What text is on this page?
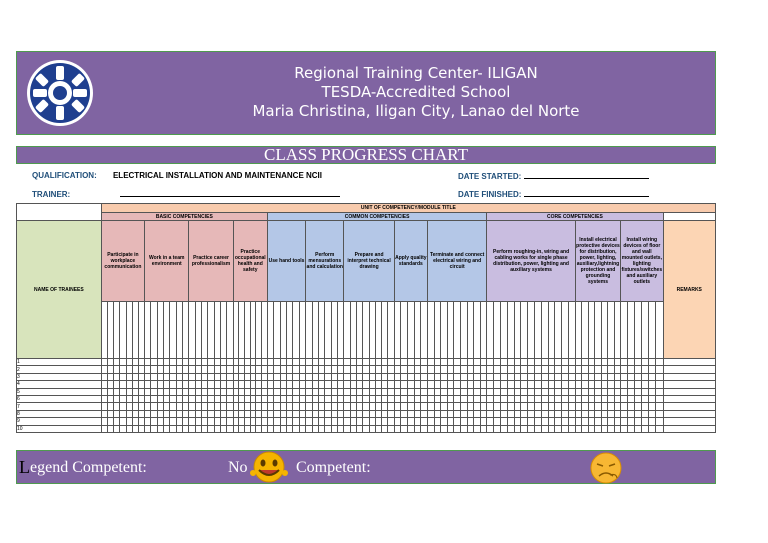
Regional Training Center- ILIGAN
TESDA-Accredited School
Maria Christina, Iligan City, Lanao del Norte
CLASS PROGRESS CHART
QUALIFICATION: ELECTRICAL INSTALLATION AND MAINTENANCE NCII
TRAINER:
DATE STARTED:
DATE FINISHED:
	UNIT OF COMPETENCY/MODULE TITLE
	BASIC COMPETENCIES	COMMON COMPETENCIES	CORE COMPETENCIES	
NAME OF TRAINEES	Participate in workplace communication	Work in a team environment	Practice career professionalism	Practice occupational health and safety	Use hand tools	Perform mensurations and calculation	Prepare and interpret technical drawing	Apply quality standards	Terminate and connect electrical wiring and circuit	Perform roughing-in, wiring and cabling works for single phase distribution, power, lighting and auxiliary systems	Install electrical protective devices for distribution, power, lighting, auxiliary,lightning protection and grounding systems	Install wiring devices of floor and wall mounted outlets, lighting fixtures/switches and auxiliary outlets	REMARKS

1																																																																																								
2																																																																																								
3																																																																																								
4																																																																																								
5																																																																																								
6																																																																																								
7																																																																																								
8																																																																																								
9																																																																																								
10																																																																																								
L egend Competent:	No	Competent:
